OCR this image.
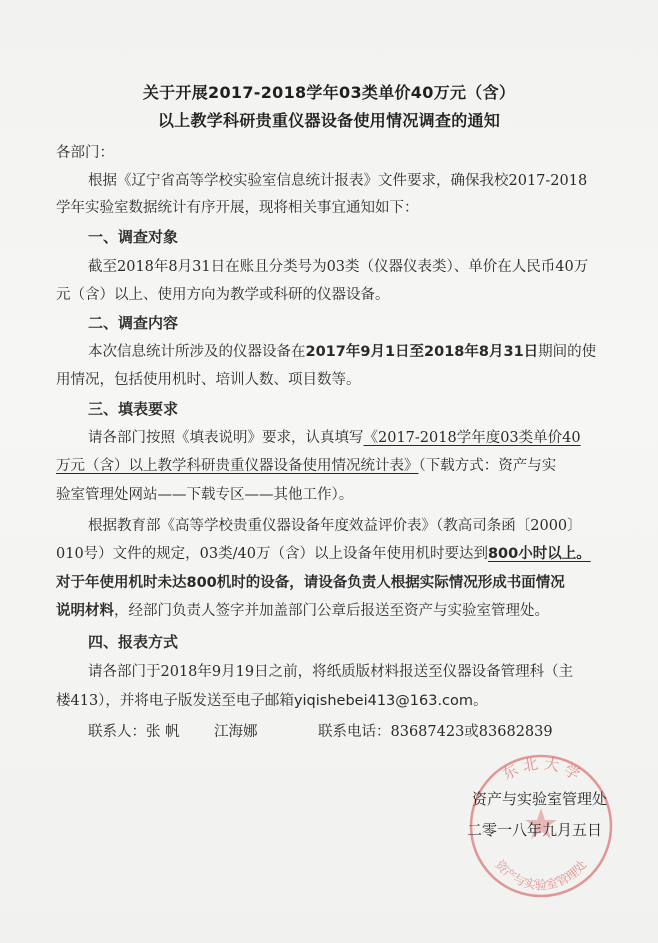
关于开展2017-2018学年03类单价40万元（含）
以上教学科研贵重仪器设备使用情况调查的通知
各部门：
根据《辽宁省高等学校实验室信息统计报表》文件要求，确保我校2017-2018
学年实验室数据统计有序开展，现将相关事宜通知如下：
一、调查对象
截至2018年8月31日在账且分类号为03类（仪器仪表类）、单价在人民币40万
元（含）以上、使用方向为教学或科研的仪器设备。
二、调查内容
本次信息统计所涉及的仪器设备在2017年9月1日至2018年8月31日期间的使
用情况，包括使用机时、培训人数、项目数等。
三、填表要求
请各部门按照《填表说明》要求，认真填写《2017-2018学年度03类单价40
万元（含）以上教学科研贵重仪器设备使用情况统计表》（下载方式：资产与实
验室管理处网站——下载专区——其他工作）。
根据教育部《高等学校贵重仪器设备年度效益评价表》（教高司条函〔2000〕
010号）文件的规定，03类/40万（含）以上设备年使用机时要达到800小时以上。
对于年使用机时未达800机时的设备，请设备负责人根据实际情况形成书面情况
说明材料，经部门负责人签字并加盖部门公章后报送至资产与实验室管理处。
四、报表方式
请各部门于2018年9月19日之前，将纸质版材料报送至仪器设备管理科（主
楼413），并将电子版发送至电子邮箱yiqishebei413@163.com。
联系人：张 帆 江海娜	联系电话：83687423或83682839
东 北 大 学
资产与实验室管理处
资产与实验室管理处
二零一八年九月五日
